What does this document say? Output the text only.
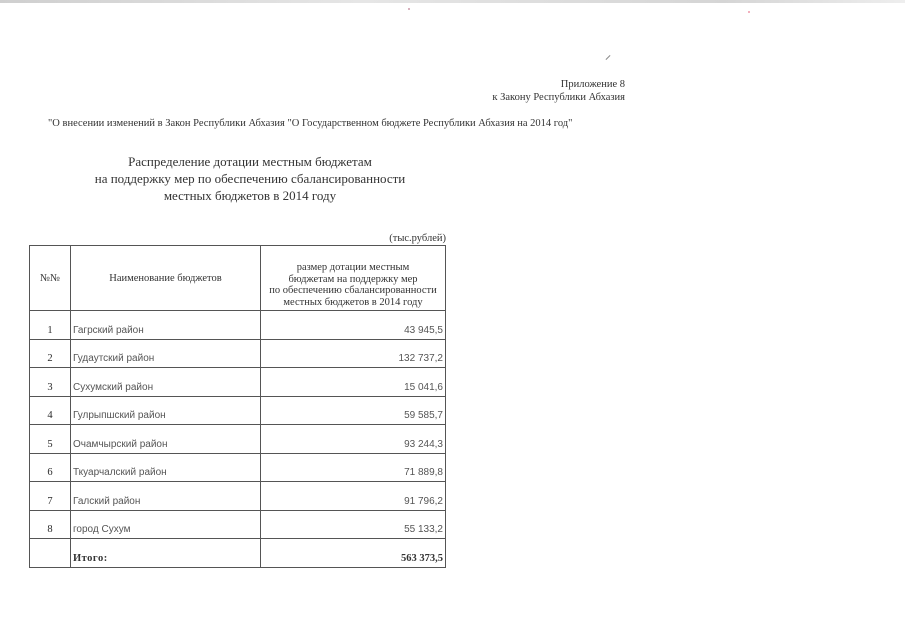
Приложение 8
к Закону Республики Абхазия
"О внесении изменений в Закон Республики Абхазия "О Государственном бюджете Республики Абхазия на 2014 год"
Распределение дотации местным бюджетам
на поддержку мер по обеспечению сбалансированности
местных бюджетов в 2014 году
(тыс.рублей)
№№	Наименование бюджетов	размер дотации местным
бюджетам на поддержку мер
по обеспечению сбалансированности
местных бюджетов в 2014 году

1	Гагрский район	43 945,5
2	Гудаутский район	132 737,2
3	Сухумский район	15 041,6
4	Гулрыпшский район	59 585,7
5	Очамчырский район	93 244,3
6	Ткуарчалский район	71 889,8
7	Галский район	91 796,2
8	город Сухум	55 133,2
	Итого:	563 373,5
